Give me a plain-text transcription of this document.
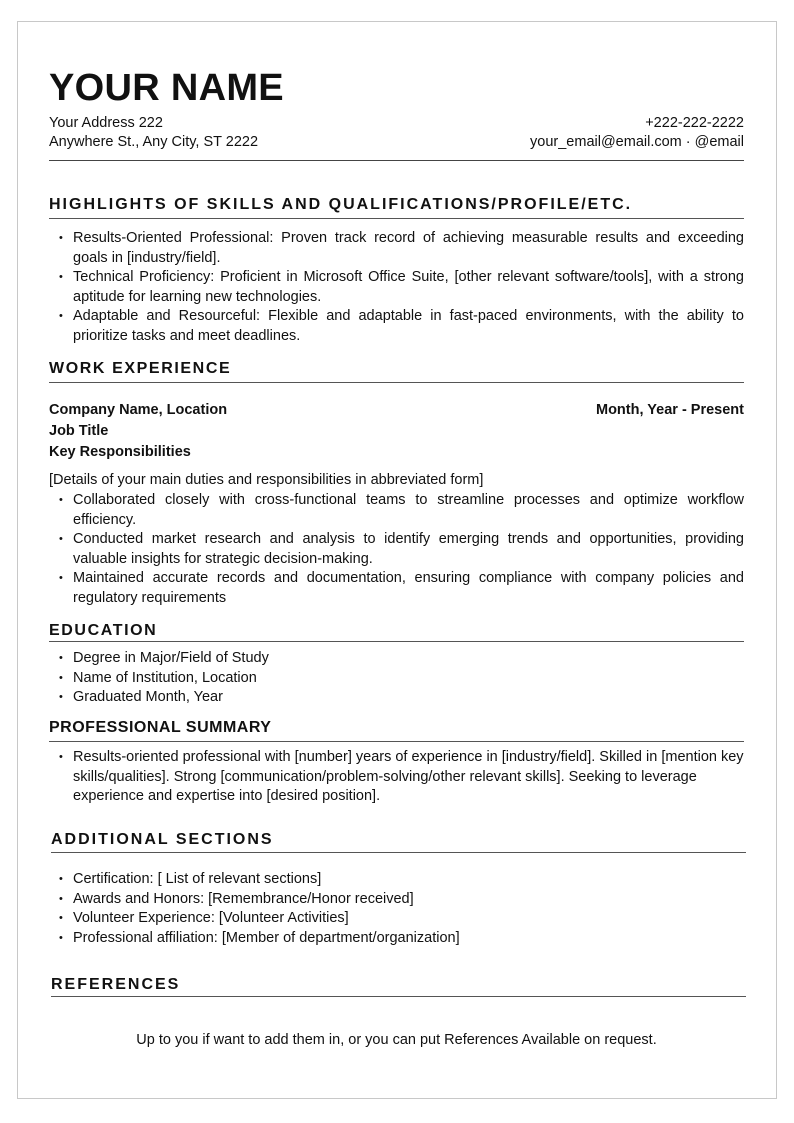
YOUR NAME
Your Address 222	+222-222-2222
Anywhere St., Any City, ST 2222	your_email@email.com · @email
HIGHLIGHTS OF SKILLS AND QUALIFICATIONS/PROFILE/ETC.
• Results-Oriented Professional: Proven track record of achieving measurable results and exceeding goals in [industry/field].
• Technical Proficiency: Proficient in Microsoft Office Suite, [other relevant software/tools], with a strong aptitude for learning new technologies.
• Adaptable and Resourceful: Flexible and adaptable in fast-paced environments, with the ability to prioritize tasks and meet deadlines.
WORK EXPERIENCE
Company Name, Location	Month, Year - Present
Job Title
Key Responsibilities
[Details of your main duties and responsibilities in abbreviated form]
• Collaborated closely with cross-functional teams to streamline processes and optimize workflow efficiency.
• Conducted market research and analysis to identify emerging trends and opportunities, providing valuable insights for strategic decision-making.
• Maintained accurate records and documentation, ensuring compliance with company policies and regulatory requirements
EDUCATION
• Degree in Major/Field of Study
• Name of Institution, Location
• Graduated Month, Year
PROFESSIONAL SUMMARY
• Results-oriented professional with [number] years of experience in [industry/field]. Skilled in [mention key skills/qualities]. Strong [communication/problem-solving/other relevant skills]. Seeking to leverage experience and expertise into [desired position].
ADDITIONAL SECTIONS
• Certification: [ List of relevant sections]
• Awards and Honors: [Remembrance/Honor received]
• Volunteer Experience: [Volunteer Activities]
• Professional affiliation: [Member of department/organization]
REFERENCES
Up to you if want to add them in, or you can put References Available on request.
